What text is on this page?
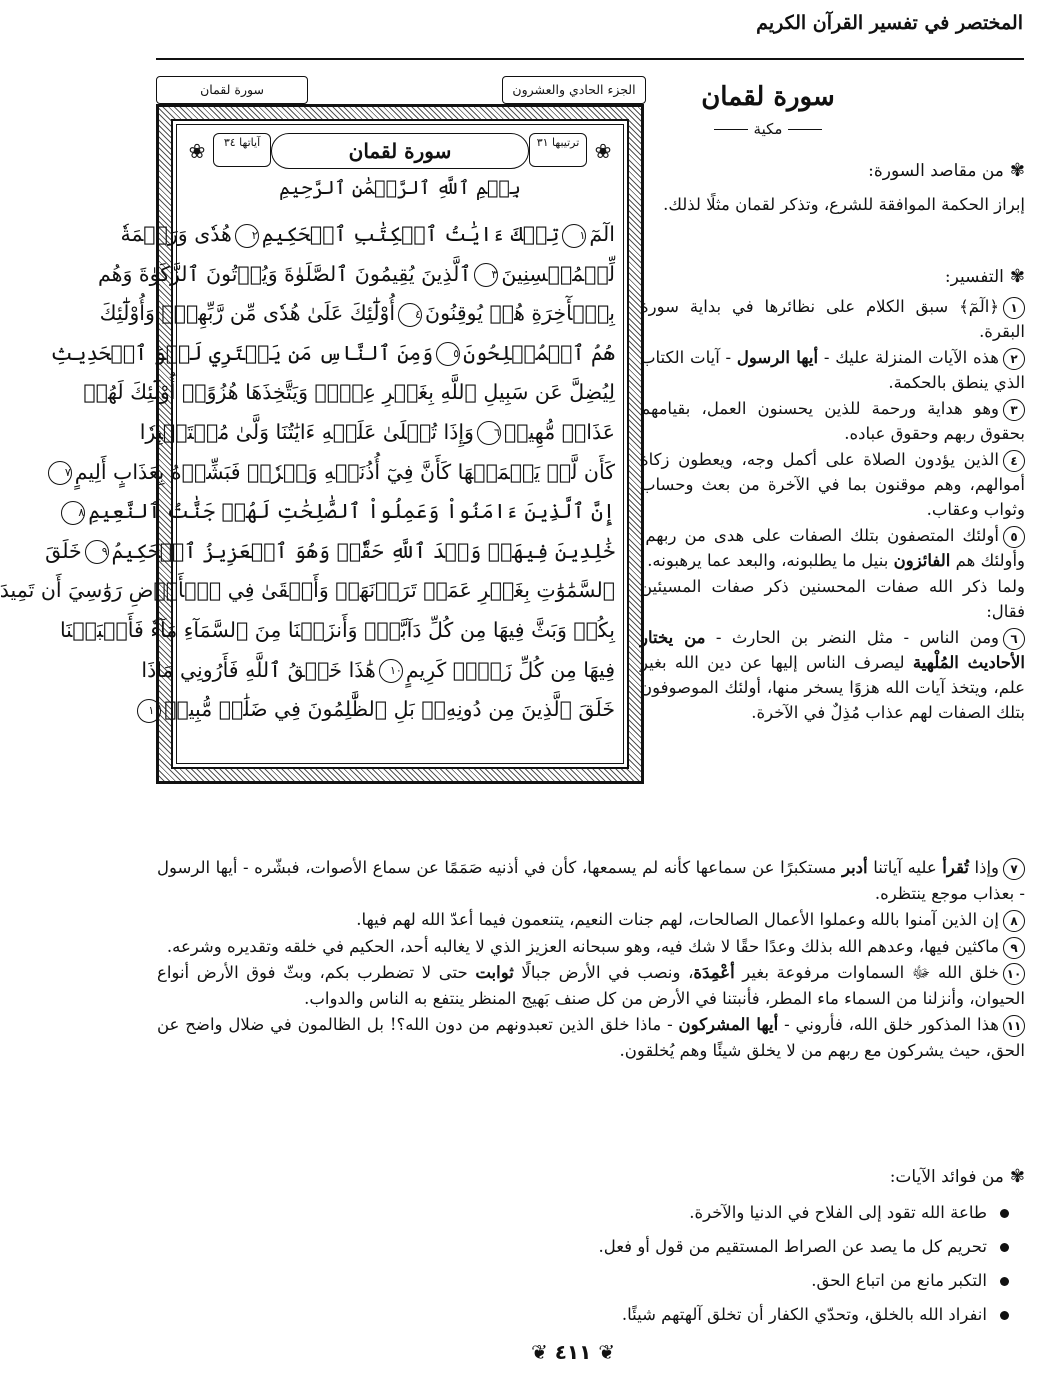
المختصر في تفسير القرآن الكريم
الجزء الحادي والعشرون
سورة لقمان
❀
ترتيبها ٣١
سورة لقمان
آياتها ٣٤
❀
بِسۡمِ ٱللَّهِ ٱلرَّحۡمَٰنِ ٱلرَّحِيمِ
الٓمٓ١تِلۡكَ ءَايَٰتُ ٱلۡكِتَٰبِ ٱلۡحَكِيمِ٢هُدٗى وَرَحۡمَةٗ
لِّلۡمُحۡسِنِينَ٣ٱلَّذِينَ يُقِيمُونَ ٱلصَّلَوٰةَ وَيُؤۡتُونَ ٱلزَّكَوٰةَ وَهُم
بِٱلۡأٓخِرَةِ هُمۡ يُوقِنُونَ٤أُوْلَٰٓئِكَ عَلَىٰ هُدٗى مِّن رَّبِّهِمۡۖ وَأُوْلَٰٓئِكَ
هُمُ ٱلۡمُفۡلِحُونَ٥وَمِنَ ٱلنَّاسِ مَن يَشۡتَرِي لَهۡوَ ٱلۡحَدِيثِ
لِيُضِلَّ عَن سَبِيلِ ٱللَّهِ بِغَيۡرِ عِلۡمٖ وَيَتَّخِذَهَا هُزُوًاۚ أُوْلَٰٓئِكَ لَهُمۡ
عَذَابٞ مُّهِينٞ٦وَإِذَا تُتۡلَىٰ عَلَيۡهِ ءَايَٰتُنَا وَلَّىٰ مُسۡتَكۡبِرٗا
كَأَن لَّمۡ يَسۡمَعۡهَا كَأَنَّ فِيٓ أُذُنَيۡهِ وَقۡرٗاۖ فَبَشِّرۡهُ بِعَذَابٍ أَلِيمٍ٧
إِنَّ ٱلَّذِينَ ءَامَنُواْ وَعَمِلُواْ ٱلصَّٰلِحَٰتِ لَهُمۡ جَنَّٰتُ ٱلنَّعِيمِ٨
خَٰلِدِينَ فِيهَاۖ وَعۡدَ ٱللَّهِ حَقّٗاۚ وَهُوَ ٱلۡعَزِيزُ ٱلۡحَكِيمُ٩خَلَقَ
ٱلسَّمَٰوَٰتِ بِغَيۡرِ عَمَدٖ تَرَوۡنَهَاۖ وَأَلۡقَىٰ فِي ٱلۡأَرۡضِ رَوَٰسِيَ أَن تَمِيدَ
بِكُمۡ وَبَثَّ فِيهَا مِن كُلِّ دَآبَّةٖۚ وَأَنزَلۡنَا مِنَ ٱلسَّمَآءِ مَآءٗ فَأَنۢبَتۡنَا
فِيهَا مِن كُلِّ زَوۡجٖ كَرِيمٍ١٠هَٰذَا خَلۡقُ ٱللَّهِ فَأَرُونِي مَاذَا
خَلَقَ ٱلَّذِينَ مِن دُونِهِۦۚ بَلِ ٱلظَّٰلِمُونَ فِي ضَلَٰلٖ مُّبِينٖ١١
سورة لقمان
مكية
✾من مقاصد السورة:
إبراز الحكمة الموافقة للشرع، وتذكر لقمان مثلًا لذلك.
✾التفسير:

١﴿الٓمٓ﴾ سبق الكلام على نظائرها في بداية سورة البقرة.

٢هذه الآيات المنزلة عليك - أيها الرسول - آيات الكتاب الذي ينطق بالحكمة.

٣وهو هداية ورحمة للذين يحسنون العمل، بقيامهم بحقوق ربهم وحقوق عباده.

٤الذين يؤدون الصلاة على أكمل وجه، ويعطون زكاة أموالهم، وهم موقنون بما في الآخرة من بعث وحساب وثواب وعقاب.

٥أولئك المتصفون بتلك الصفات على هدى من ربهم، وأولئك هم الفائزون بنيل ما يطلبونه، والبعد عما يرهبونه.

ولما ذكر الله صفات المحسنين ذكر صفات المسيئين فقال:

٦ومن الناس - مثل النضر بن الحارث - من يختار الأحاديث المُلْهية ليصرف الناس إليها عن دين الله بغير علم، ويتخذ آيات الله هزوًا يسخر منها، أولئك الموصوفون بتلك الصفات لهم عذاب مُذِلٌ في الآخرة.

٧وإذا تُقرأ عليه آياتنا أدبر مستكبرًا عن سماعها كأنه لم يسمعها، كأن في أذنيه صَمَمًا عن سماع الأصوات، فبشّره - أيها الرسول - بعذاب موجع ينتظره.

٨إن الذين آمنوا بالله وعملوا الأعمال الصالحات، لهم جنات النعيم، يتنعمون فيما أعدّ الله لهم فيها.

٩ماكثين فيها، وعدهم الله بذلك وعدًا حقًا لا شك فيه، وهو سبحانه العزيز الذي لا يغالبه أحد، الحكيم في خلقه وتقديره وشرعه.

١٠خلق الله ﷻ السماوات مرفوعة بغير أعْمِدَة، ونصب في الأرض جبالًا ثوابت حتى لا تضطرب بكم، وبثّ فوق الأرض أنواع الحيوان، وأنزلنا من السماء ماء المطر، فأنبتنا في الأرض من كل صنف بَهيج المنظر ينتفع به الناس والدواب.

١١هذا المذكور خلق الله، فأروني - أيها المشركون - ماذا خلق الذين تعبدونهم من دون الله؟! بل الظالمون في ضلال واضح عن الحق، حيث يشركون مع ربهم من لا يخلق شيئًا وهم يُخلقون.

✾من فوائد الآيات:
طاعة الله تقود إلى الفلاح في الدنيا والآخرة.
تحريم كل ما يصد عن الصراط المستقيم من قول أو فعل.
التكبر مانع من اتباع الحق.
انفراد الله بالخلق، وتحدّي الكفار أن تخلق آلهتهم شيئًا.
❦ ٤١١ ❦
